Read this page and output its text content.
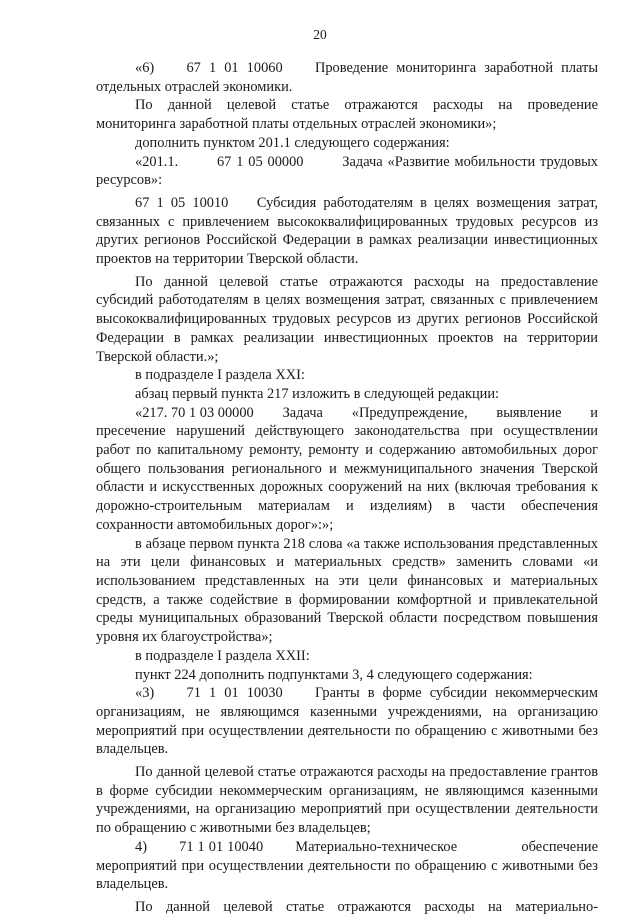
20

«6)    67 1 01 10060    Проведение мониторинга заработной платы отдельных отраслей экономики.

По данной целевой статье отражаются расходы на проведение мониторинга заработной платы отдельных отраслей экономики»;

дополнить пунктом 201.1 следующего содержания:

«201.1.        67 1 05 00000        Задача «Развитие мобильности трудовых ресурсов»:

67 1 05 10010    Субсидия работодателям в целях возмещения затрат, связанных с привлечением высококвалифицированных трудовых ресурсов из других регионов Российской Федерации в рамках реализации инвестиционных проектов на территории Тверской области.

По данной целевой статье отражаются расходы на предоставление субсидий работодателям в целях возмещения затрат, связанных с привлечением высококвалифицированных трудовых ресурсов из других регионов Российской Федерации в рамках реализации инвестиционных проектов на территории Тверской области.»;

в подразделе I раздела XXI:

абзац первый пункта 217 изложить в следующей редакции:

«217. 70 1 03 00000        Задача        «Предупреждение,        выявление        и пресечение нарушений действующего законодательства при осуществлении работ по капитальному ремонту, ремонту и содержанию автомобильных дорог общего пользования регионального и межмуниципального значения Тверской области и искусственных дорожных сооружений на них (включая требования к дорожно-строительным материалам и изделиям) в части обеспечения сохранности автомобильных дорог»:»;

в абзаце первом пункта 218 слова «а также использования представленных на эти цели финансовых и материальных средств» заменить словами «и использованием представленных на эти цели финансовых и материальных средств, а также содействие в формировании комфортной и привлекательной среды муниципальных образований Тверской области посредством повышения уровня их благоустройства»;

в подразделе I раздела XXII:

пункт 224 дополнить подпунктами 3, 4 следующего содержания:

«3)    71 1 01 10030    Гранты в форме субсидии некоммерческим организациям, не являющимся казенными учреждениями, на организацию мероприятий при осуществлении деятельности по обращению с животными без владельцев.

По данной целевой статье отражаются расходы на предоставление грантов в форме субсидии некоммерческим организациям, не являющимся казенными учреждениями, на организацию мероприятий при осуществлении деятельности по обращению с животными без владельцев;

4)        71 1 01 10040        Материально-техническое                обеспечение мероприятий при осуществлении деятельности по обращению с животными без владельцев.

По данной целевой статье отражаются расходы на материально-
